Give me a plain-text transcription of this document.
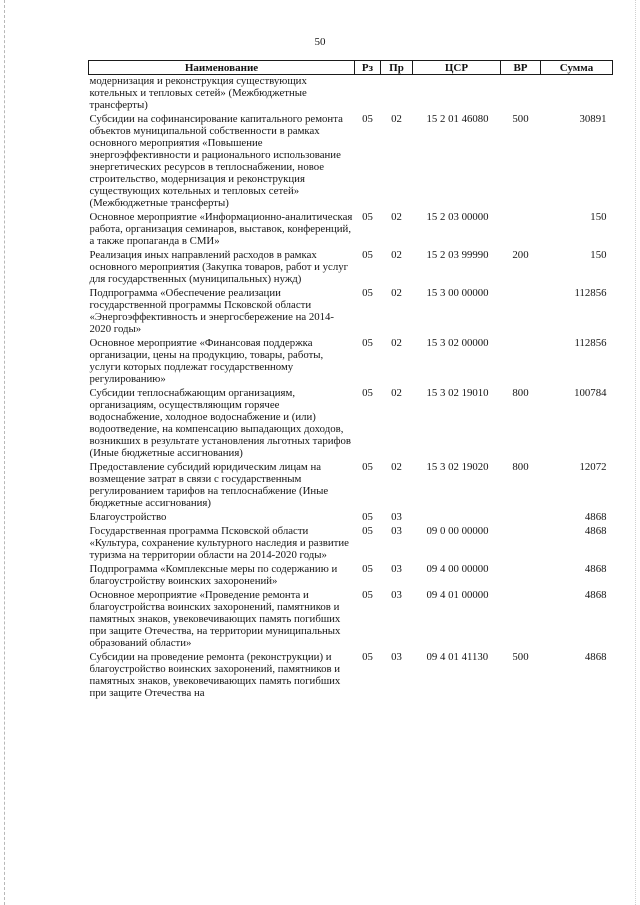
50
Наименование	Рз	Пр	ЦСР	ВР	Сумма
модернизация и реконструкция существующих котельных и тепловых сетей» (Межбюджетные трансферты)					
Субсидии на софинансирование капитального ремонта объектов муниципальной собственности в рамках основного мероприятия «Повышение энергоэффективности и рационального использование энергетических ресурсов в теплоснабжении, новое строительство, модернизация и реконструкция существующих котельных и тепловых сетей» (Межбюджетные трансферты)	05	02	15 2 01 46080	500	30891
Основное мероприятие «Информационно-аналитическая работа, организация семинаров, выставок, конференций, а также пропаганда в СМИ»	05	02	15 2 03 00000		150
Реализация иных направлений расходов в рамках основного мероприятия (Закупка товаров, работ и услуг для государственных (муниципальных) нужд)	05	02	15 2 03 99990	200	150
Подпрограмма «Обеспечение реализации государственной программы Псковской области «Энергоэффективность и энергосбережение на 2014-2020 годы»	05	02	15 3 00 00000		112856
Основное мероприятие «Финансовая поддержка организации, цены на продукцию, товары, работы, услуги которых подлежат государственному регулированию»	05	02	15 3 02 00000		112856
Субсидии теплоснабжающим организациям, организациям, осуществляющим горячее водоснабжение, холодное водоснабжение и (или) водоотведение, на компенсацию выпадающих доходов, возникших в результате установления льготных тарифов (Иные бюджетные ассигнования)	05	02	15 3 02 19010	800	100784
Предоставление субсидий юридическим лицам на возмещение затрат в связи с государственным регулированием тарифов на теплоснабжение (Иные бюджетные ассигнования)	05	02	15 3 02 19020	800	12072
Благоустройство	05	03			4868
Государственная программа Псковской области «Культура, сохранение культурного наследия и развитие туризма на территории области на 2014-2020 годы»	05	03	09 0 00 00000		4868
Подпрограмма «Комплексные меры по содержанию и благоустройству воинских захоронений»	05	03	09 4 00 00000		4868
Основное мероприятие «Проведение ремонта и благоустройства воинских захоронений, памятников и памятных знаков, увековечивающих память погибших при защите Отечества, на территории муниципальных образований области»	05	03	09 4 01 00000		4868
Субсидии на проведение ремонта (реконструкции) и благоустройство воинских захоронений, памятников и памятных знаков, увековечивающих память погибших при защите Отечества на	05	03	09 4 01 41130	500	4868
